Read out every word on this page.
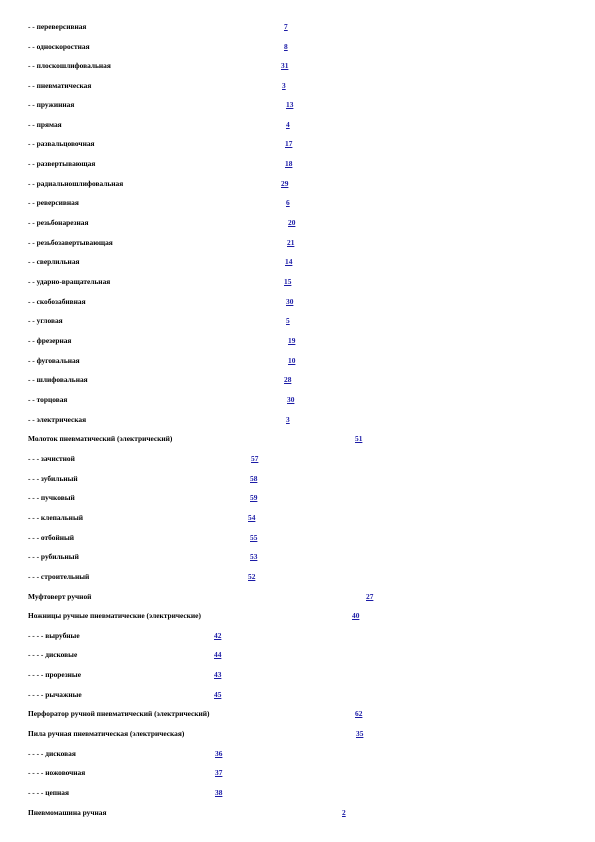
- - переверсивная	7
- - односкоростная	8
- - плоскошлифовальная	31
- - пневматическая	3
- - пружинная	13
- - прямая	4
- - развальцовочная	17
- - развертывающая	18
- - радиальношлифовальная	29
- - реверсивная	6
- - резьбонарезная	20
- - резьбозавертывающая	21
- - сверлильная	14
- - ударно-вращательная	15
- - скобозабивная	30
- - угловая	5
- - фрезерная	19
- - фуговальная	10
- - шлифовальная	28
- - торцовая	30
- - электрическая	3
Молоток пневматический (электрический)	51
- - - зачистной	57
- - - зубильный	58
- - - пучковый	59
- - - клепальный	54
- - - отбойный	55
- - - рубильный	53
- - - строительный	52
Муфтоверт ручной	27
Ножницы ручные пневматические (электрические)	40
- - - - вырубные	42
- - - - дисковые	44
- - - - прорезные	43
- - - - рычажные	45
Перфоратор ручной пневматический (электрический)	62
Пила ручная пневматическая (электрическая)	35
- - - - дисковая	36
- - - - ножовочная	37
- - - - цепная	38
Пневмомашина ручная	2
